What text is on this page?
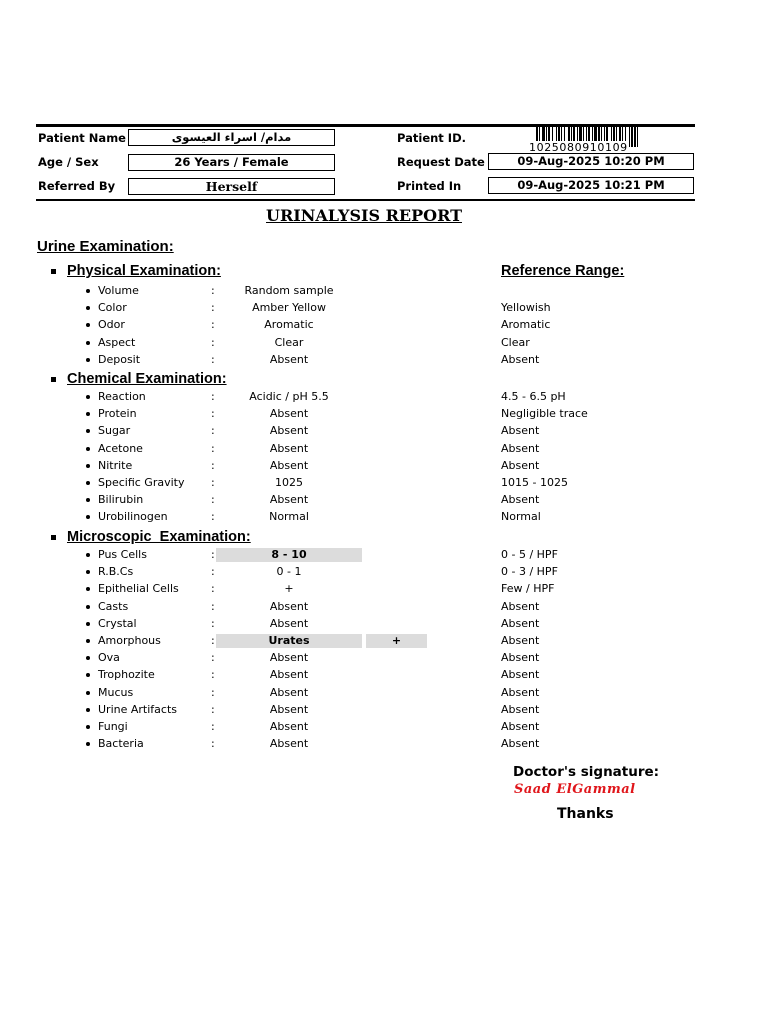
Patient Name	مدام/ اسراء العيسوى
Age / Sex	26 Years / Female
Referred By	Herself
Patient ID.
1025080910109
Request Date	09-Aug-2025 10:20 PM
Printed In	09-Aug-2025 10:21 PM
URINALYSIS REPORT
Urine Examination:
Physical Examination:	Reference Range:
Volume	:	Random sample
Color	:	Amber Yellow	Yellowish
Odor	:	Aromatic	Aromatic
Aspect	:	Clear	Clear
Deposit	:	Absent	Absent
Chemical Examination:
Reaction	:	Acidic / pH 5.5	4.5 - 6.5 pH
Protein	:	Absent	Negligible trace
Sugar	:	Absent	Absent
Acetone	:	Absent	Absent
Nitrite	:	Absent	Absent
Specific Gravity :	1025	1015 - 1025
Bilirubin	:	Absent	Absent
Urobilinogen	:	Normal	Normal
Microscopic  Examination:
Pus Cells	:	8 - 10	0 - 5 / HPF
R.B.Cs	:	0 - 1	0 - 3 / HPF
Epithelial Cells	:	+	Few / HPF
Casts	:	Absent	Absent
Crystal	:	Absent	Absent
Amorphous	:	Urates	+	Absent
Ova	:	Absent	Absent
Trophozite	:	Absent	Absent
Mucus	:	Absent	Absent
Urine Artifacts	:	Absent	Absent
Fungi	:	Absent	Absent
Bacteria	:	Absent	Absent
Doctor's signature:
Saad ElGammal
Thanks
